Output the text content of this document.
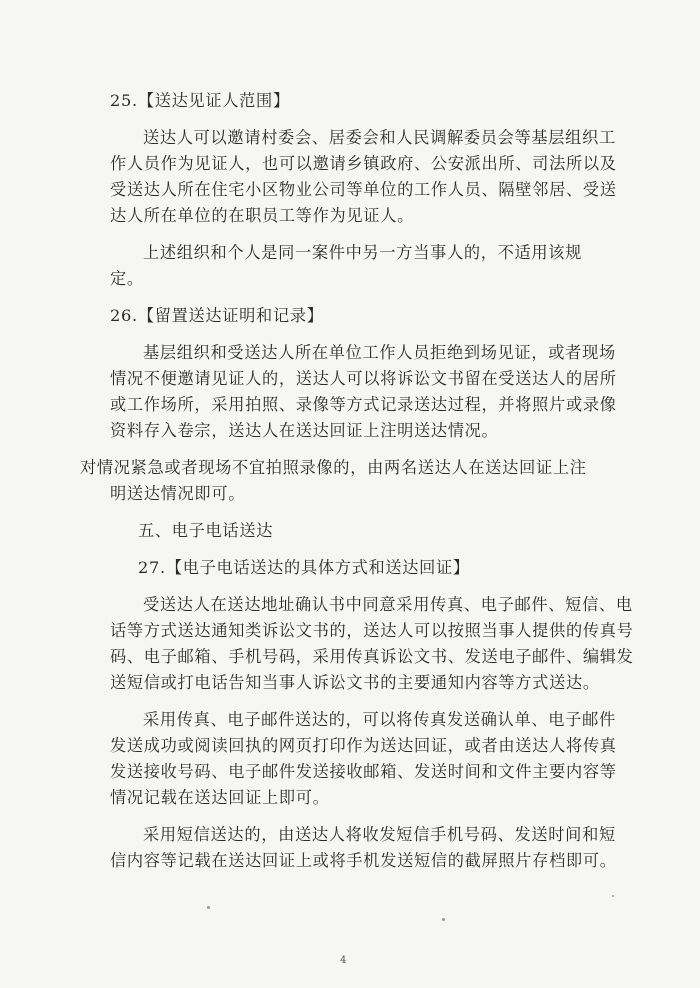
25.【送达见证人范围】

送达人可以邀请村委会、居委会和人民调解委员会等基层组织工

作人员作为见证人，也可以邀请乡镇政府、公安派出所、司法所以及

受送达人所在住宅小区物业公司等单位的工作人员、隔壁邻居、受送

达人所在单位的在职员工等作为见证人。

上述组织和个人是同一案件中另一方当事人的，不适用该规

定。

26.【留置送达证明和记录】

基层组织和受送达人所在单位工作人员拒绝到场见证，或者现场

情况不便邀请见证人的，送达人可以将诉讼文书留在受送达人的居所

或工作场所，采用拍照、录像等方式记录送达过程，并将照片或录像

资料存入卷宗，送达人在送达回证上注明送达情况。

对情况紧急或者现场不宜拍照录像的，由两名送达人在送达回证上注

明送达情况即可。

五、电子电话送达

27.【电子电话送达的具体方式和送达回证】

受送达人在送达地址确认书中同意采用传真、电子邮件、短信、电

话等方式送达通知类诉讼文书的，送达人可以按照当事人提供的传真号

码、电子邮箱、手机号码，采用传真诉讼文书、发送电子邮件、编辑发

送短信或打电话告知当事人诉讼文书的主要通知内容等方式送达。

采用传真、电子邮件送达的，可以将传真发送确认单、电子邮件

发送成功或阅读回执的网页打印作为送达回证，或者由送达人将传真

发送接收号码、电子邮件发送接收邮箱、发送时间和文件主要内容等

情况记载在送达回证上即可。

采用短信送达的，由送达人将收发短信手机号码、发送时间和短

信内容等记载在送达回证上或将手机发送短信的截屏照片存档即可。

4
